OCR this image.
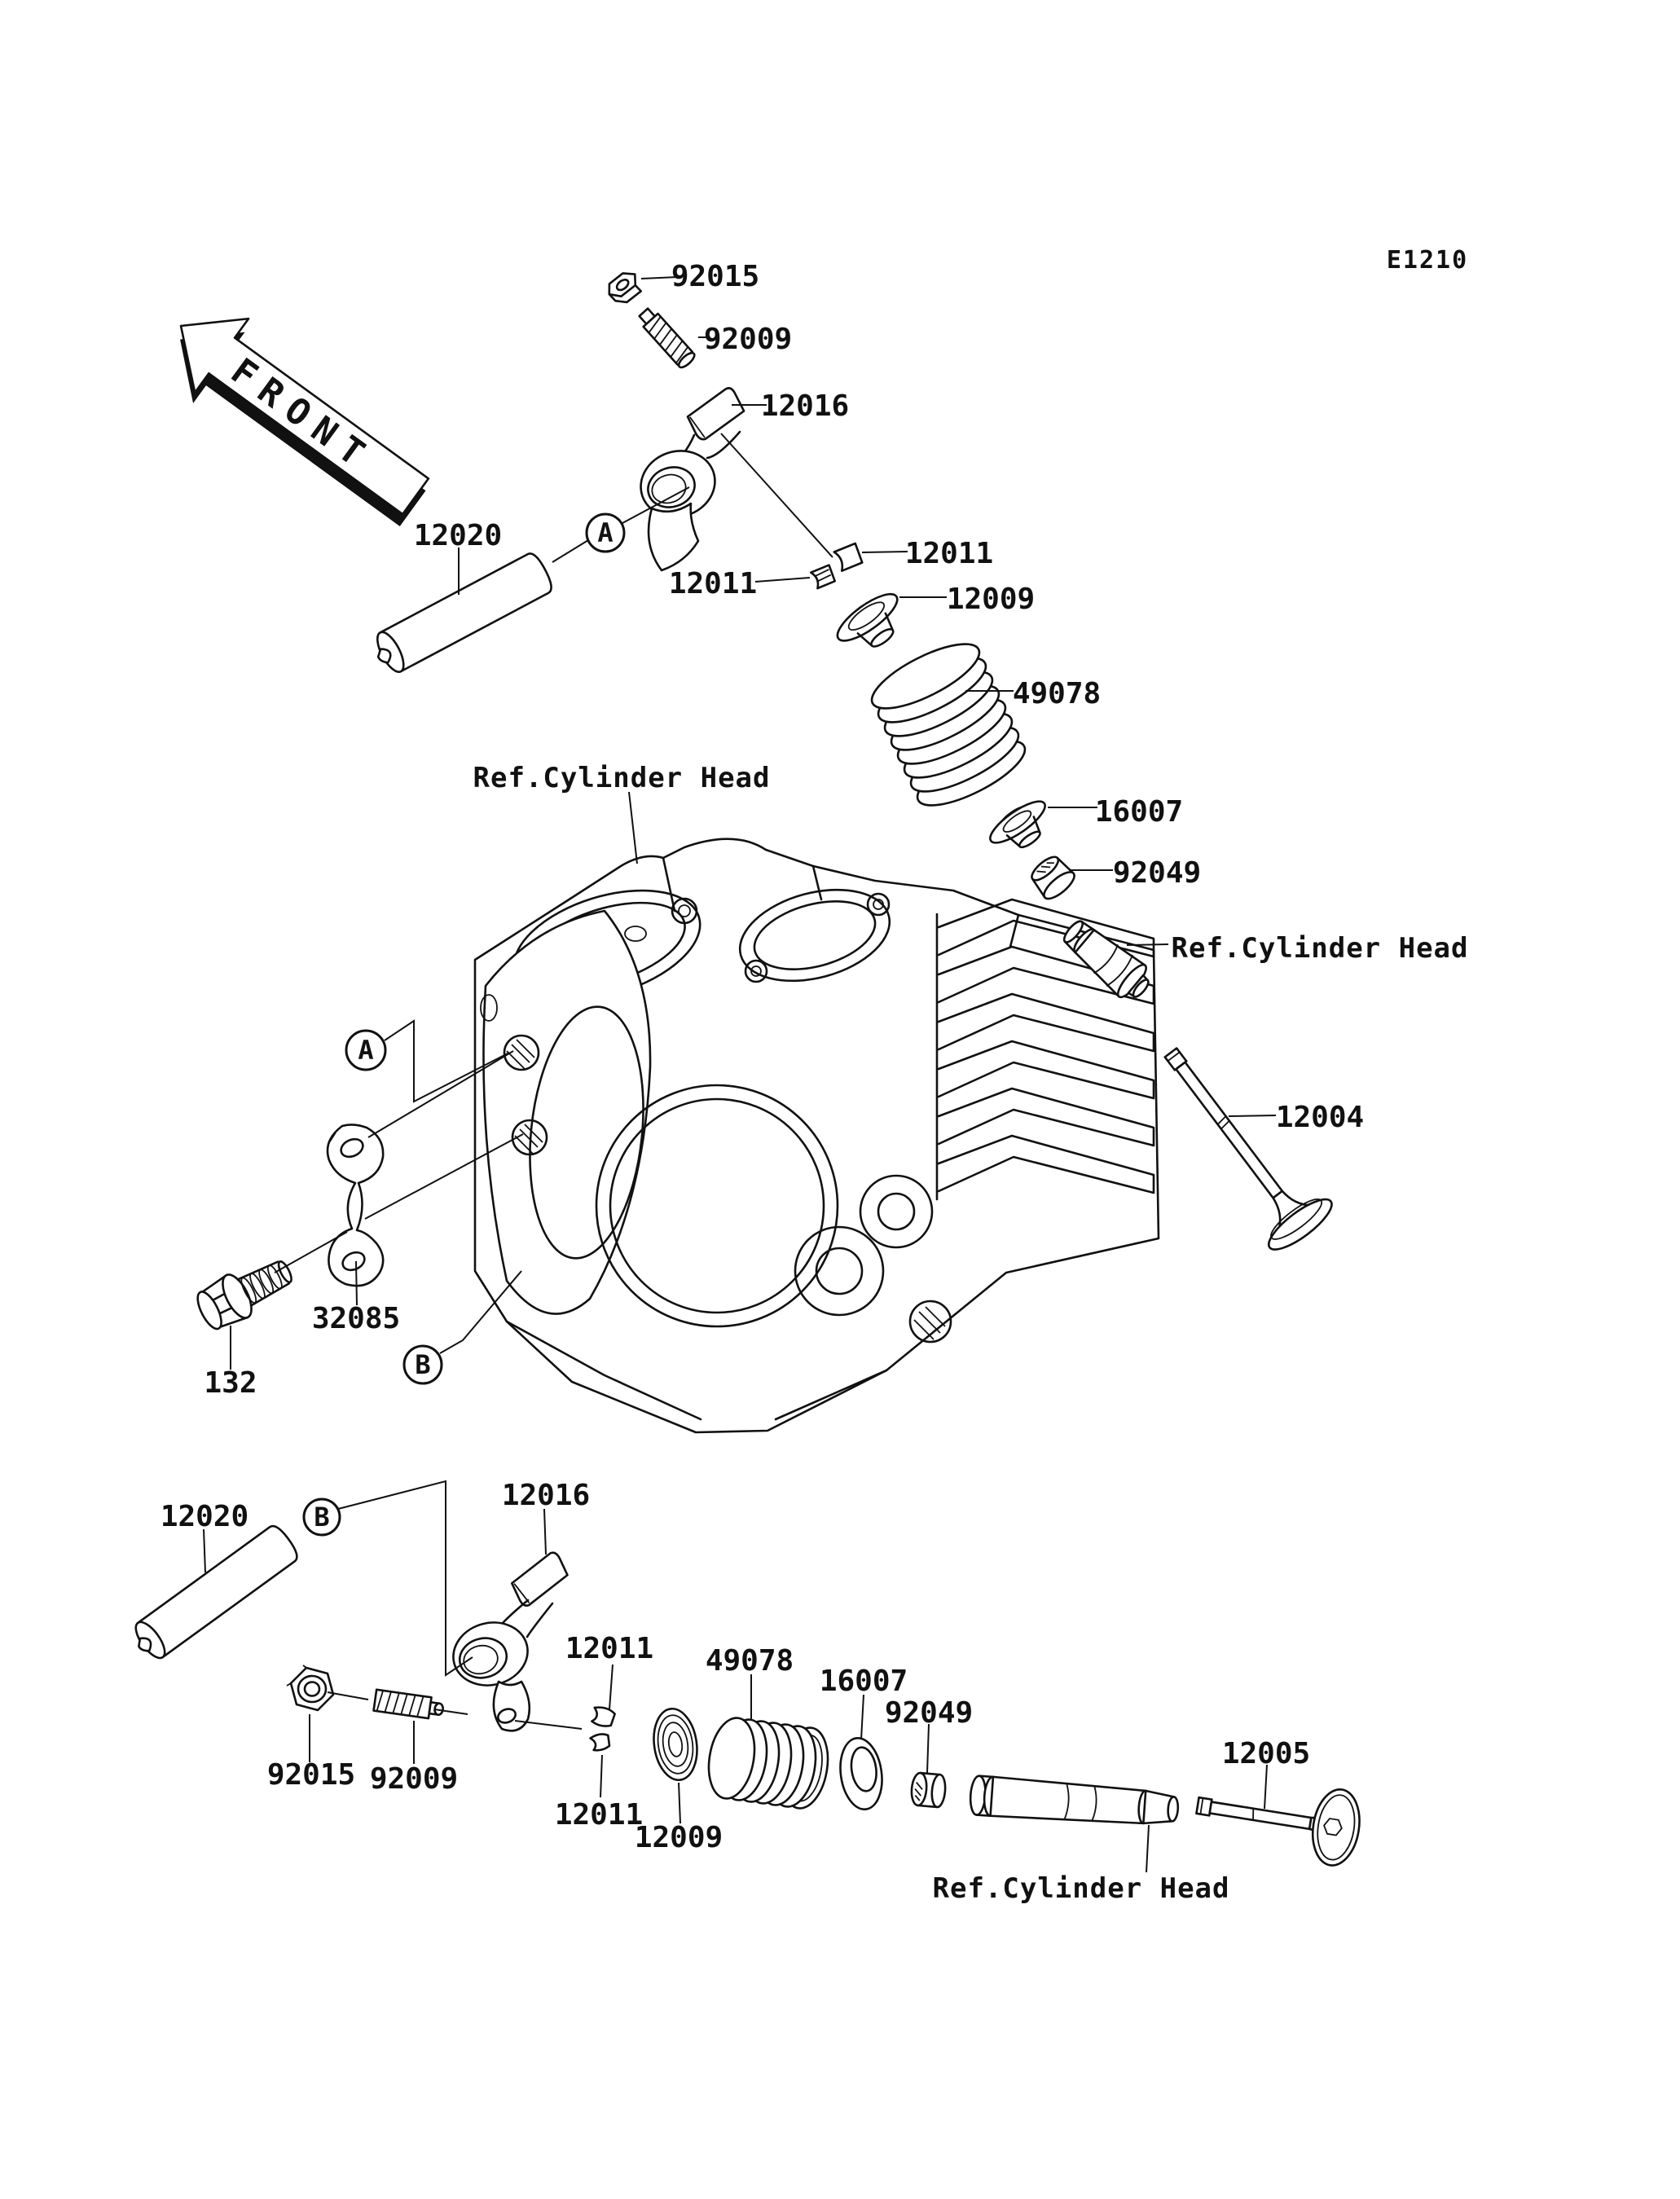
FRONT
E1210
A
A
B
B
92015
92009
12016
12020
12011
12011
12009
49078
Ref.Cylinder Head
16007
92049
Ref.Cylinder Head
12004
32085
132
12020
12016
92015 92009
12011
12011
12009
49078
16007
92049
12005
Ref.Cylinder Head
